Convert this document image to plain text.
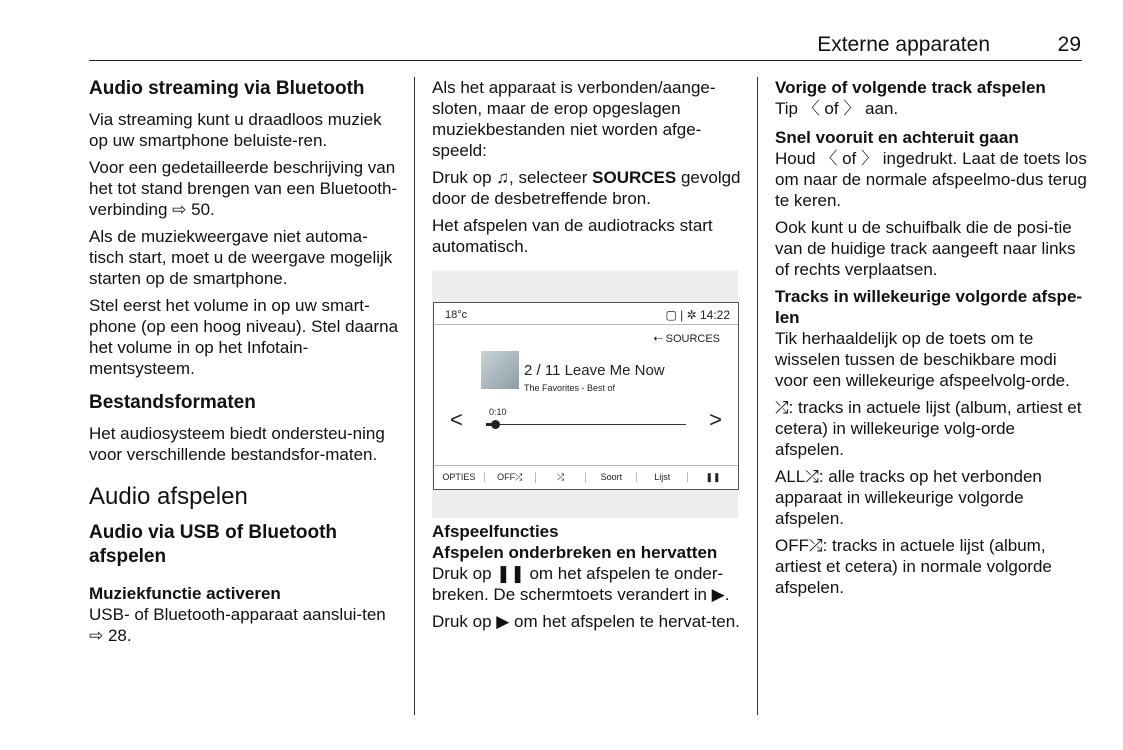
Externe apparaten	29
Audio streaming via Bluetooth

Via streaming kunt u draadloos muziek op uw smartphone beluiste-ren.

Voor een gedetailleerde beschrijving van het tot stand brengen van een Bluetooth-verbinding ⇨ 50.

Als de muziekweergave niet automa-tisch start, moet u de weergave mogelijk starten op de smartphone.

Stel eerst het volume in op uw smart-phone (op een hoog niveau). Stel daarna het volume in op het Infotain-mentsysteem.

Bestandsformaten

Het audiosysteem biedt ondersteu-ning voor verschillende bestandsfor-maten.

Audio afspelen
Audio via USB of Bluetooth afspelen
Muziekfunctie activeren

USB- of Bluetooth-apparaat aanslui-ten ⇨ 28.

Als het apparaat is verbonden/aange-sloten, maar de erop opgeslagen muziekbestanden niet worden afge-speeld:

Druk op ♫, selecteer SOURCES gevolgd door de desbetreffende bron.

Het afspelen van de audiotracks start automatisch.

Afspeelfuncties
Afspelen onderbreken en hervatten

Druk op ❚❚ om het afspelen te onder-breken. De schermtoets verandert in ▶.

Druk op ▶ om het afspelen te hervat-ten.

18°c	▢ | ✲ 14:22
⇠ SOURCES
2 / 11 Leave Me Now
The Favorites - Best of
0:10
<	>
OPTIES	OFF⤮	⤮	Soort	Lijst	❚❚
Vorige of volgende track afspelen

Tip 〈 of 〉 aan.

Snel vooruit en achteruit gaan

Houd 〈 of 〉 ingedrukt. Laat de toets los om naar de normale afspeelmo-dus terug te keren.

Ook kunt u de schuifbalk die de posi-tie van de huidige track aangeeft naar links of rechts verplaatsen.

Tracks in willekeurige volgorde afspe-len

Tik herhaaldelijk op de toets om te wisselen tussen de beschikbare modi voor een willekeurige afspeelvolg-orde.

⤮: tracks in actuele lijst (album, artiest et cetera) in willekeurige volg-orde afspelen.

ALL⤮: alle tracks op het verbonden apparaat in willekeurige volgorde afspelen.

OFF⤮: tracks in actuele lijst (album, artiest et cetera) in normale volgorde afspelen.
